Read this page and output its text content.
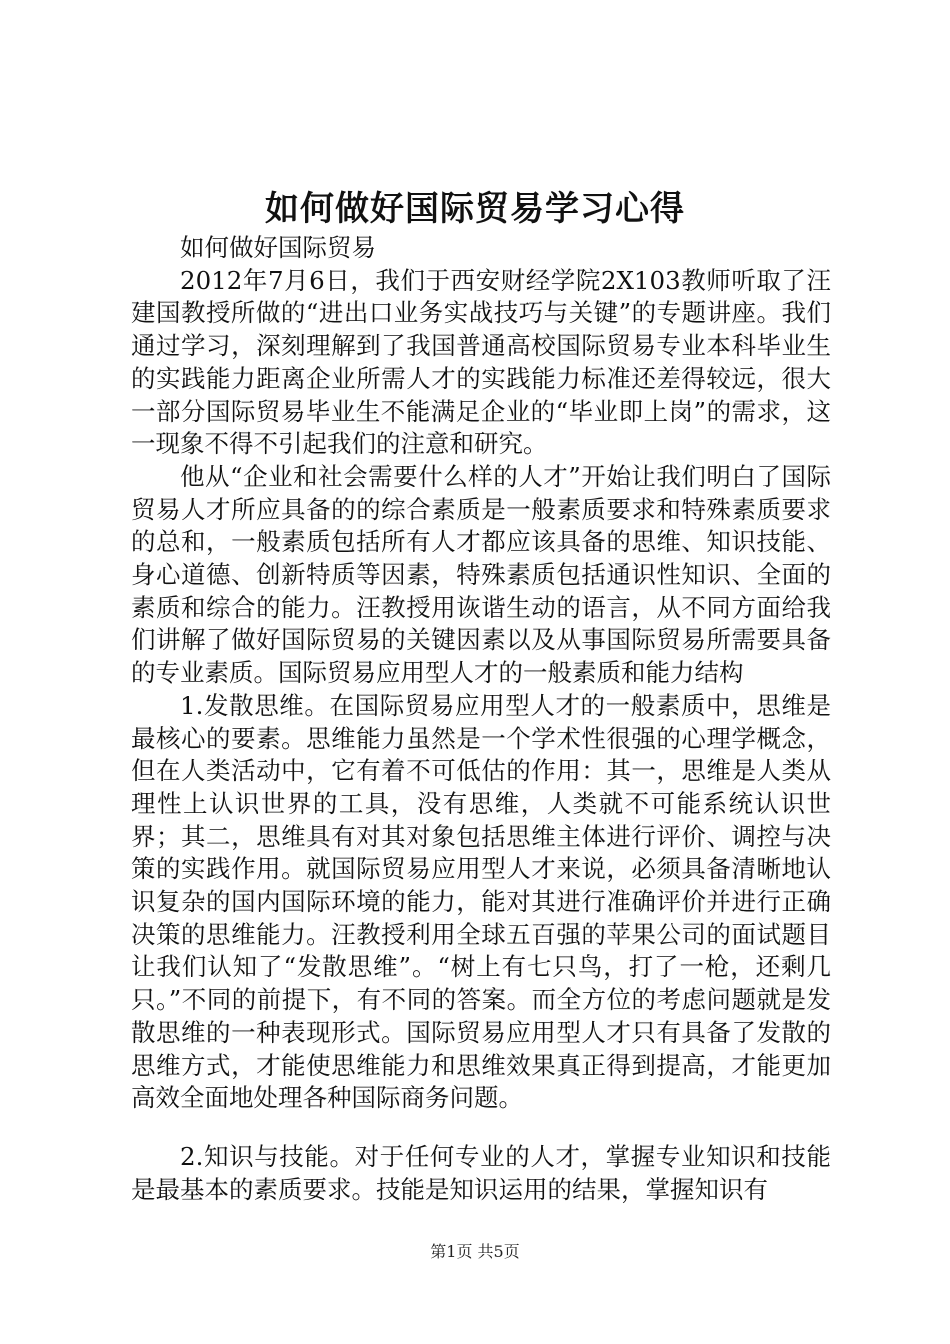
如何做好国际贸易学习心得

如何做好国际贸易

2012年7月6日，我们于西安财经学院2X103教师听取了汪建国教授所做的“进出口业务实战技巧与关键”的专题讲座。我们通过学习，深刻理解到了我国普通高校国际贸易专业本科毕业生的实践能力距离企业所需人才的实践能力标准还差得较远，很大一部分国际贸易毕业生不能满足企业的“毕业即上岗”的需求，这一现象不得不引起我们的注意和研究。

他从“企业和社会需要什么样的人才”开始让我们明白了国际贸易人才所应具备的的综合素质是一般素质要求和特殊素质要求的总和，一般素质包括所有人才都应该具备的思维、知识技能、身心道德、创新特质等因素，特殊素质包括通识性知识、全面的素质和综合的能力。汪教授用诙谐生动的语言，从不同方面给我们讲解了做好国际贸易的关键因素以及从事国际贸易所需要具备的专业素质。国际贸易应用型人才的一般素质和能力结构

1.发散思维。在国际贸易应用型人才的一般素质中，思维是最核心的要素。思维能力虽然是一个学术性很强的心理学概念，但在人类活动中，它有着不可低估的作用：其一，思维是人类从理性上认识世界的工具，没有思维，人类就不可能系统认识世界；其二，思维具有对其对象包括思维主体进行评价、调控与决策的实践作用。就国际贸易应用型人才来说，必须具备清晰地认识复杂的国内国际环境的能力，能对其进行准确评价并进行正确决策的思维能力。汪教授利用全球五百强的苹果公司的面试题目让我们认知了“发散思维”。“树上有七只鸟，打了一枪，还剩几只。”不同的前提下，有不同的答案。而全方位的考虑问题就是发散思维的一种表现形式。国际贸易应用型人才只有具备了发散的思维方式，才能使思维能力和思维效果真正得到提高，才能更加高效全面地处理各种国际商务问题。

2.知识与技能。对于任何专业的人才，掌握专业知识和技能是最基本的素质要求。技能是知识运用的结果，掌握知识有

第1页 共5页
